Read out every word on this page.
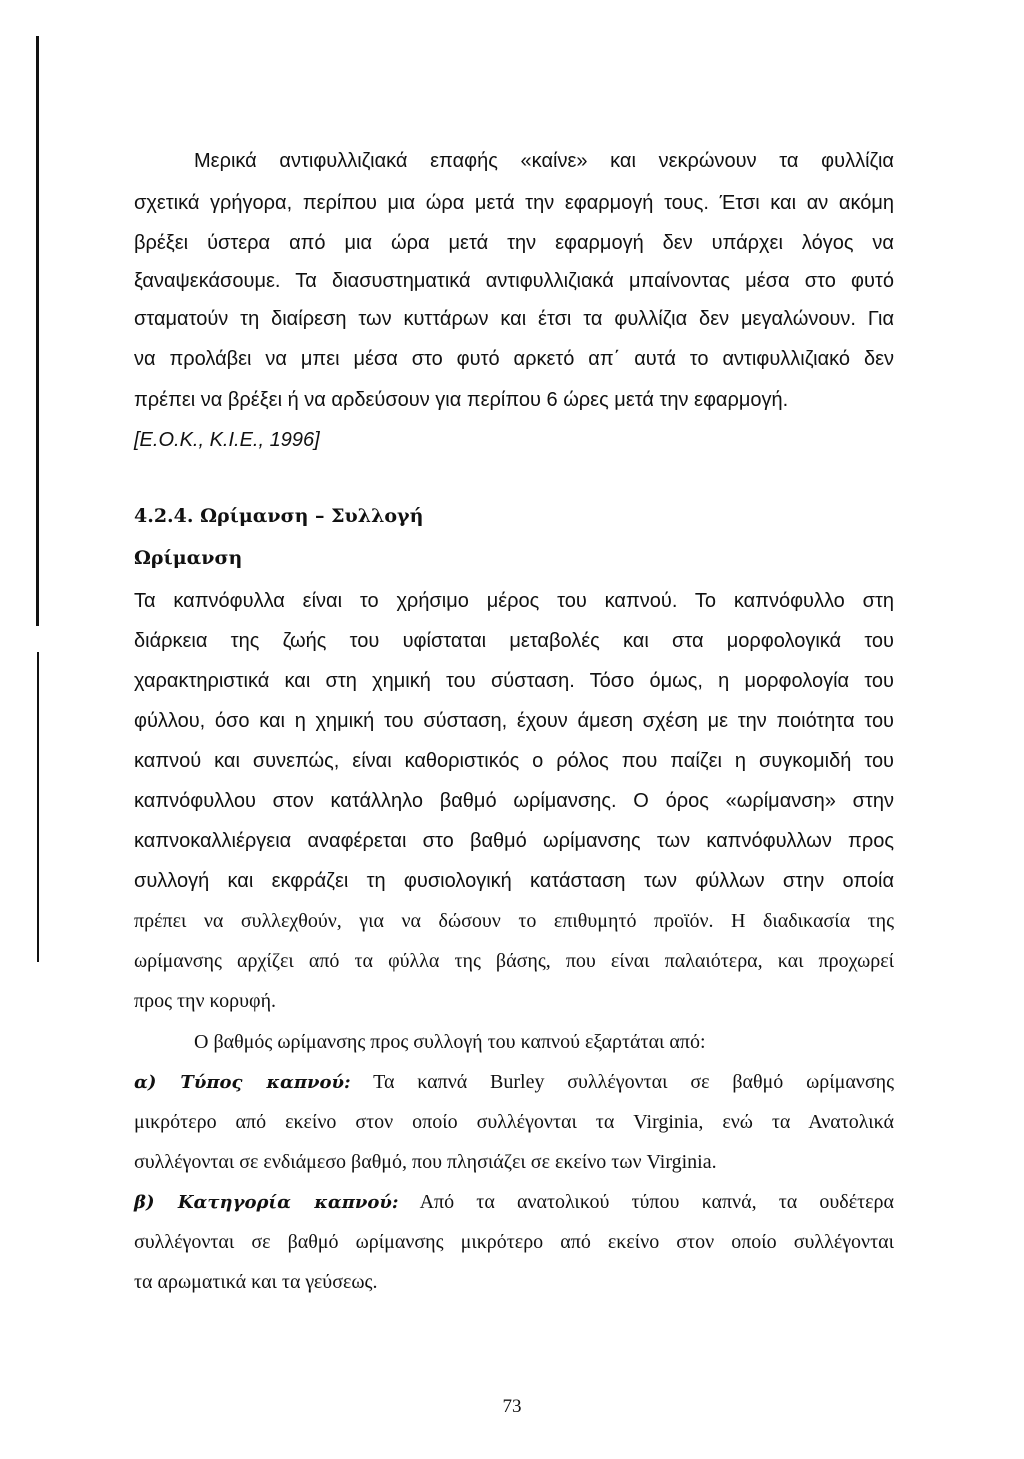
Μερικά αντιφυλλιζιακά επαφής «καίνε» και νεκρώνουν τα φυλλίζια
σχετικά γρήγορα, περίπου μια ώρα μετά την εφαρμογή τους. Έτσι και αν ακόμη
βρέξει ύστερα από μια ώρα μετά την εφαρμογή δεν υπάρχει λόγος να
ξαναψεκάσουμε. Τα διασυστηματικά αντιφυλλιζιακά μπαίνοντας μέσα στο φυτό
σταματούν τη διαίρεση των κυττάρων και έτσι τα φυλλίζια δεν μεγαλώνουν. Για
να προλάβει να μπει μέσα στο φυτό αρκετό απ΄ αυτά το αντιφυλλιζιακό δεν
πρέπει να βρέξει ή να αρδεύσουν για περίπου 6 ώρες μετά την εφαρμογή.
[Ε.Ο.Κ., Κ.Ι.Ε., 1996]
4.2.4. Ωρίμανση – Συλλογή
Ωρίμανση
Τα καπνόφυλλα είναι το χρήσιμο μέρος του καπνού. Το καπνόφυλλο στη
διάρκεια της ζωής του υφίσταται μεταβολές και στα μορφολογικά του
χαρακτηριστικά και στη χημική του σύσταση. Τόσο όμως, η μορφολογία του
φύλλου, όσο και η χημική του σύσταση, έχουν άμεση σχέση με την ποιότητα του
καπνού και συνεπώς, είναι καθοριστικός ο ρόλος που παίζει η συγκομιδή του
καπνόφυλλου στον κατάλληλο βαθμό ωρίμανσης. Ο όρος «ωρίμανση» στην
καπνοκαλλιέργεια αναφέρεται στο βαθμό ωρίμανσης των καπνόφυλλων προς
συλλογή και εκφράζει τη φυσιολογική κατάσταση των φύλλων στην οποία
πρέπει να συλλεχθούν, για να δώσουν το επιθυμητό προϊόν. Η διαδικασία της
ωρίμανσης αρχίζει από τα φύλλα της βάσης, που είναι παλαιότερα, και προχωρεί
προς την κορυφή.
Ο βαθμός ωρίμανσης προς συλλογή του καπνού εξαρτάται από:
α) Τύπος καπνού: Τα καπνά Burley συλλέγονται σε βαθμό ωρίμανσης
μικρότερο από εκείνο στον οποίο συλλέγονται τα Virginia, ενώ τα Ανατολικά
συλλέγονται σε ενδιάμεσο βαθμό, που πλησιάζει σε εκείνο των Virginia.
β) Κατηγορία καπνού: Από τα ανατολικού τύπου καπνά, τα ουδέτερα
συλλέγονται σε βαθμό ωρίμανσης μικρότερο από εκείνο στον οποίο συλλέγονται
τα αρωματικά και τα γεύσεως.
73
